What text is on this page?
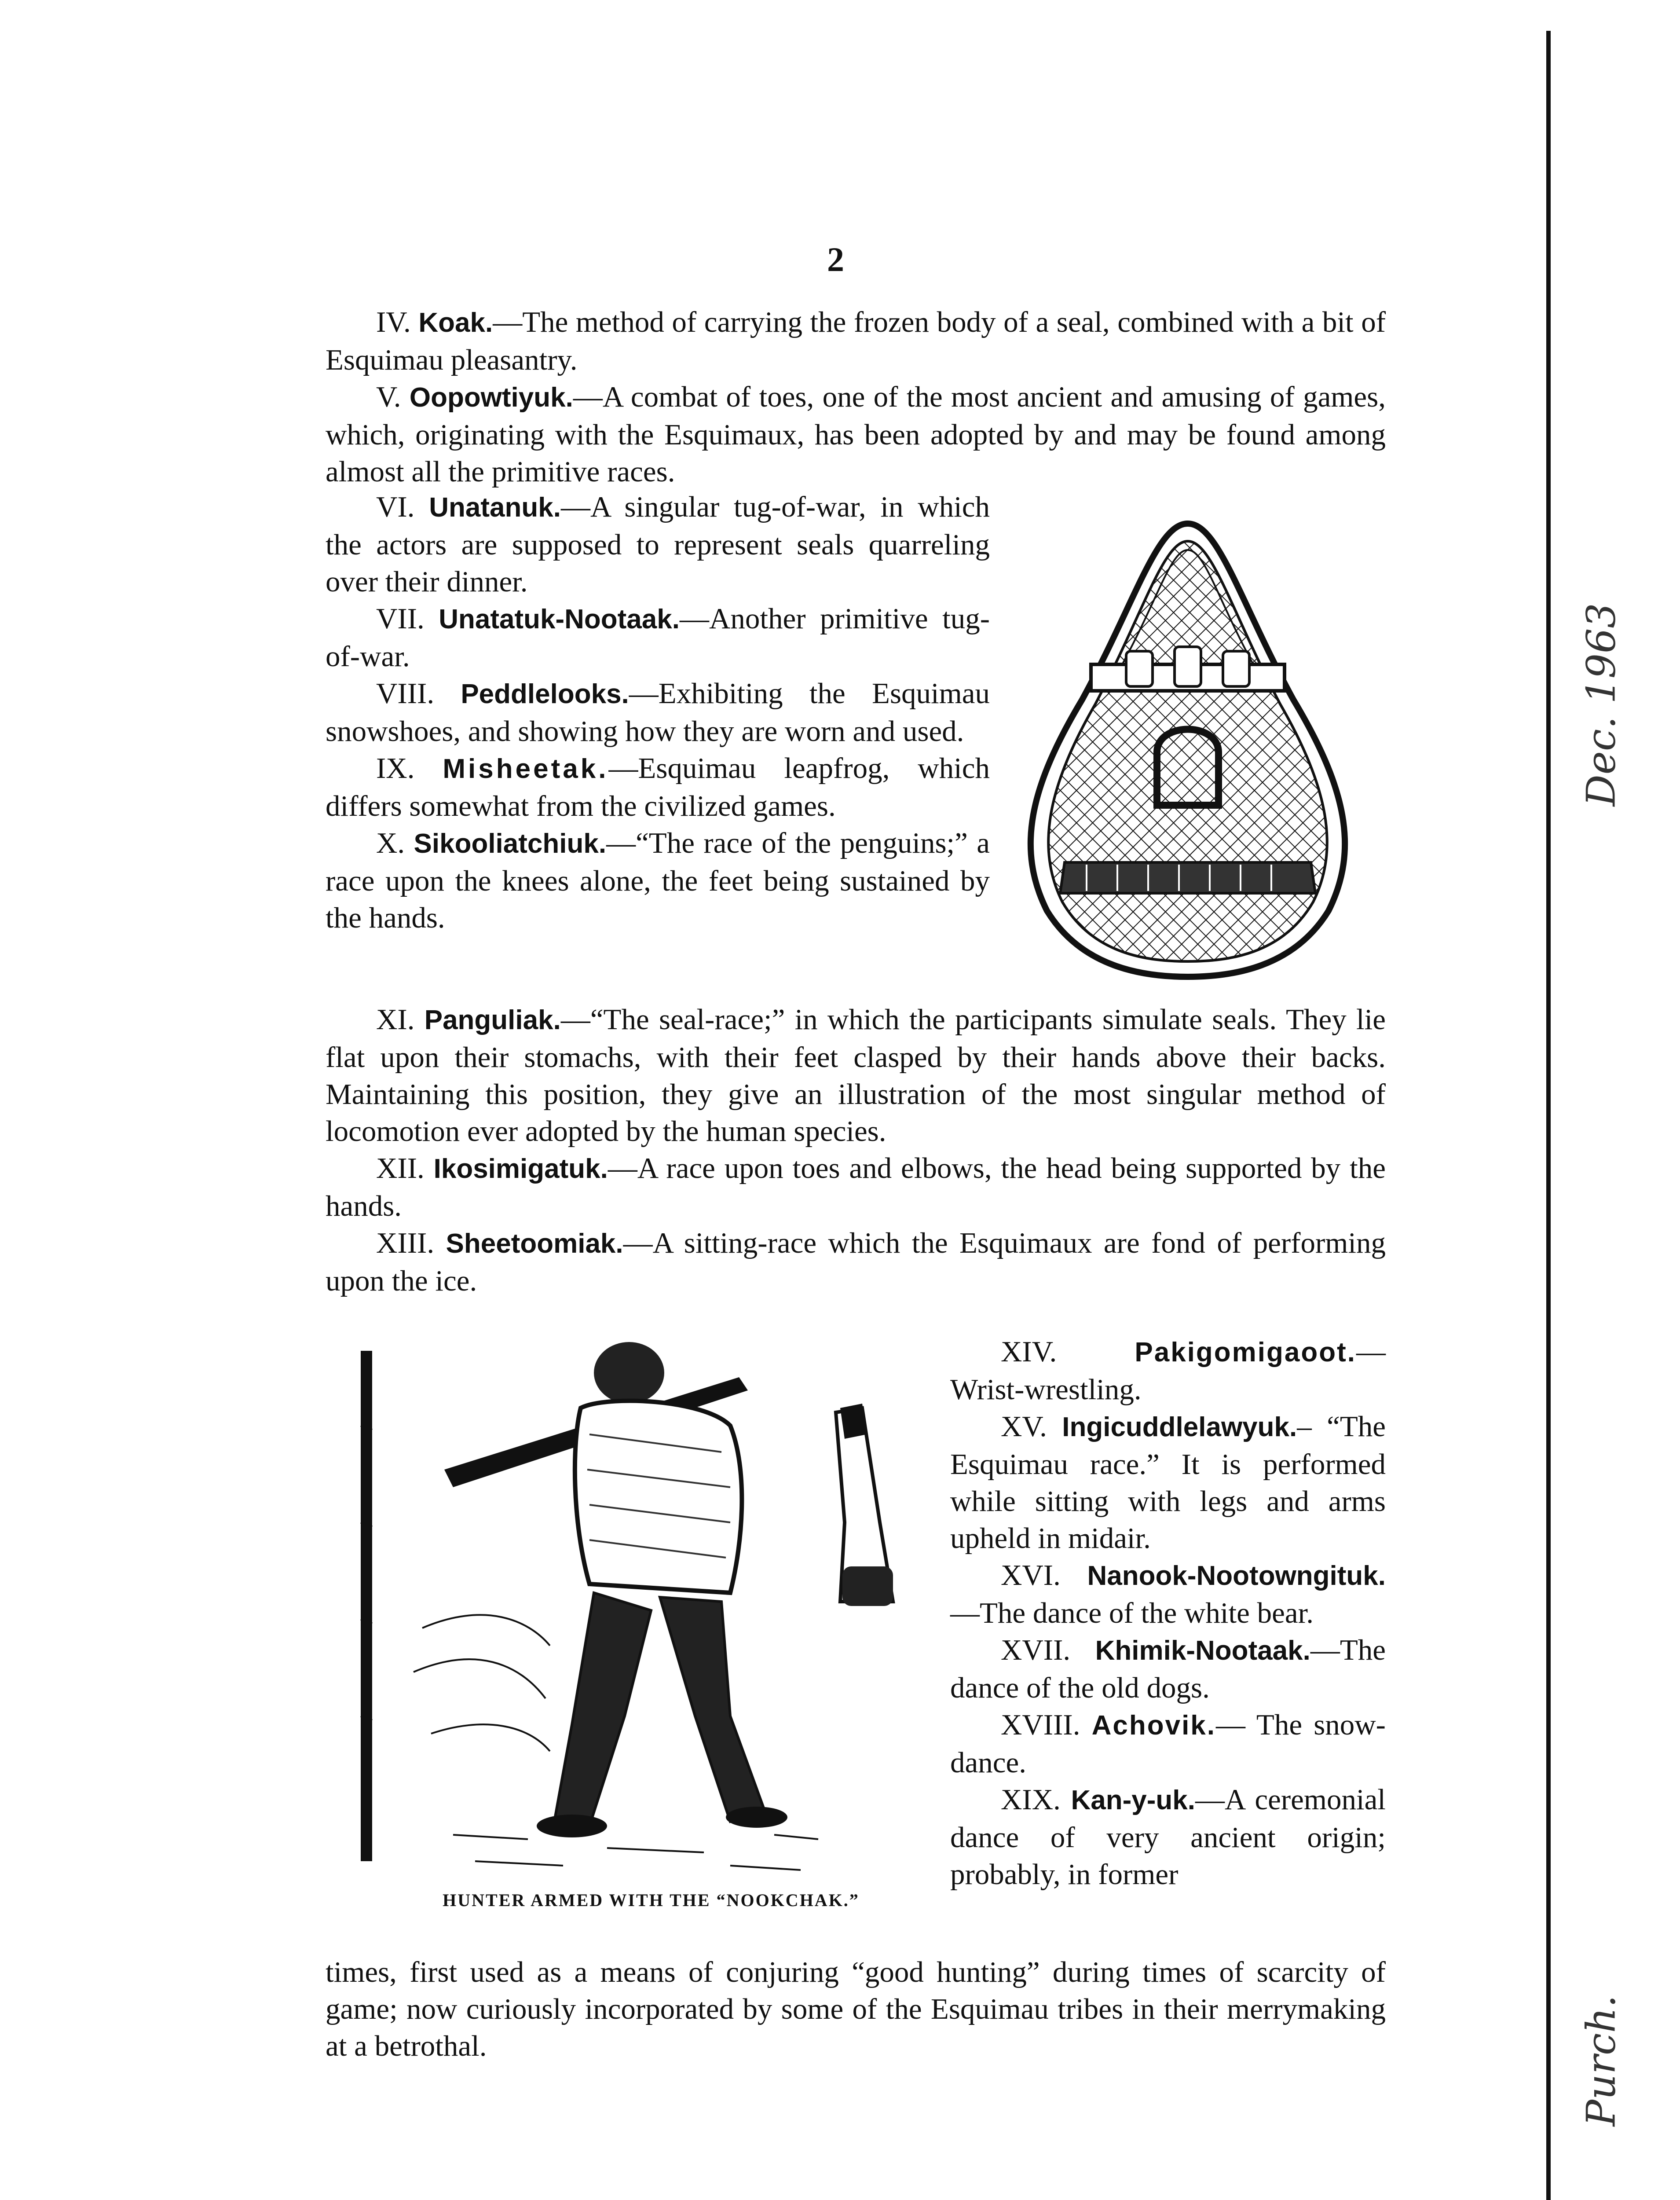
2

IV. Koak.—The method of carrying the frozen body of a seal, combined with a bit of Esquimau pleasantry.

V. Oopowtiyuk.—A combat of toes, one of the most ancient and amusing of games, which, originating with the Esquimaux, has been adopted by and may be found among almost all the primitive races.

VI. Unatanuk.—A singular tug-of-war, in which the actors are supposed to represent seals quarreling over their dinner.

VII. Unatatuk-Nootaak.—Another primitive tug-of-war.

VIII. Peddlelooks.—Exhibiting the Esquimau snowshoes, and showing how they are worn and used.

IX. Misheetak.—Esquimau leapfrog, which differs somewhat from the civilized games.

X. Sikooliatchiuk.—“The race of the penguins;” a race upon the knees alone, the feet being sustained by the hands.

XI. Panguliak.—“The seal-race;” in which the participants simulate seals. They lie flat upon their stomachs, with their feet clasped by their hands above their backs. Maintaining this position, they give an illustration of the most singular method of locomotion ever adopted by the human species.

XII. Ikosimigatuk.—A race upon toes and elbows, the head being supported by the hands.

XIII. Sheetoomiak.—A sitting-race which the Esquimaux are fond of performing upon the ice.

HUNTER ARMED WITH THE “NOOKCHAK.”

XIV.	Pakigomigaoot.— Wrist-wrestling.

XV. Ingicuddlelawyuk.– “The Esquimau race.” It is performed while sitting with legs and arms upheld in midair.

XVI. Nanook-Nootowngituk.—The dance of the white bear.

XVII. Khimik-Nootaak.—The dance of the old dogs.

XVIII. Achovik.— The snow-dance.

XIX. Kan-y-uk.—A ceremonial dance of very ancient origin; probably, in former

times, first used as a means of conjuring “good hunting” during times of scarcity of game; now curiously incorporated by some of the Esquimau tribes in their merrymaking at a betrothal.
Dec. 1963
Purch.
